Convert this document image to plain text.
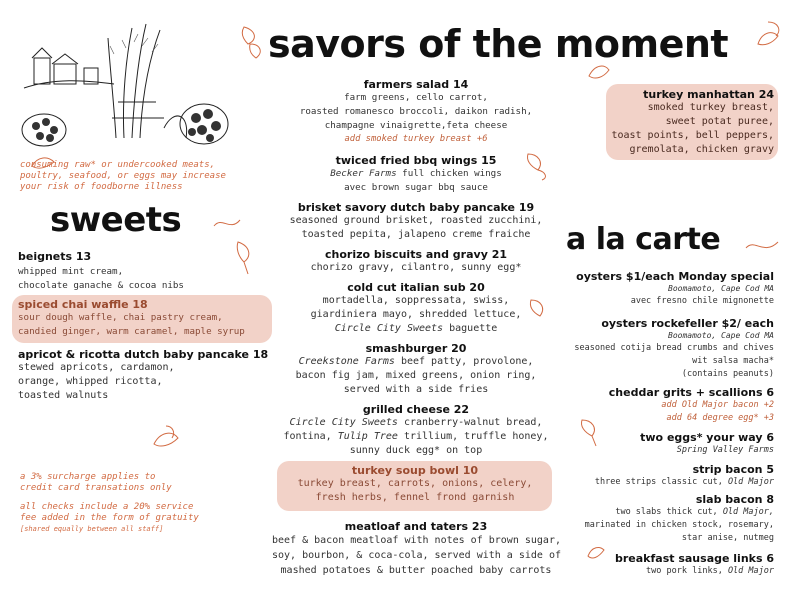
savors of the moment
consuming raw* or undercooked meats,
poultry, seafood, or eggs may increase
your risk of foodborne illness
sweets
beignets 13
whipped mint cream,
chocolate ganache & cocoa nibs
spiced chai waffle 18
sour dough waffle, chai pastry cream,
candied ginger, warm caramel, maple syrup
apricot & ricotta dutch baby pancake 18
stewed apricots, cardamon,
orange, whipped ricotta,
toasted walnuts
a 3% surcharge applies to
credit card transations only
all checks include a 20% service
fee added in the form of gratuity
[shared equally between all staff]
farmers salad 14
farm greens, cello carrot,
roasted romanesco broccoli, daikon radish,
champagne vinaigrette,feta cheese
add smoked turkey breast +6
twiced fried bbq wings 15
Becker Farms full chicken wings
avec brown sugar bbq sauce
brisket savory dutch baby pancake 19
seasoned ground brisket, roasted zucchini,
toasted pepita, jalapeno creme fraiche
chorizo biscuits and gravy 21
chorizo gravy, cilantro, sunny egg*
cold cut italian sub 20
mortadella, soppressata, swiss,
giardiniera mayo, shredded lettuce,
Circle City Sweets baguette
smashburger 20
Creekstone Farms beef patty, provolone,
bacon fig jam, mixed greens, onion ring,
served with a side fries
grilled cheese 22
Circle City Sweets cranberry-walnut bread,
fontina, Tulip Tree trillium, truffle honey,
sunny duck egg* on top
turkey soup bowl 10
turkey breast, carrots, onions, celery,
fresh herbs, fennel frond garnish
meatloaf and taters 23
beef & bacon meatloaf with notes of brown sugar,
soy, bourbon, & coca-cola, served with a side of
mashed potatoes & butter poached baby carrots
turkey manhattan 24
smoked turkey breast,
sweet potat puree,
toast points, bell peppers,
gremolata, chicken gravy
a la carte
oysters $1/each Monday special
Boomamoto, Cape Cod MA
avec fresno chile mignonette
oysters rockefeller $2/ each
Boomamoto, Cape Cod MA
seasoned cotija bread crumbs and chives
wit salsa macha*
(contains peanuts)
cheddar grits + scallions 6
add Old Major bacon +2
add 64 degree egg* +3
two eggs* your way 6
Spring Valley Farms
strip bacon 5
three strips classic cut, Old Major
slab bacon 8
two slabs thick cut, Old Major,
marinated in chicken stock, rosemary,
star anise, nutmeg
breakfast sausage links 6
two pork links, Old Major
